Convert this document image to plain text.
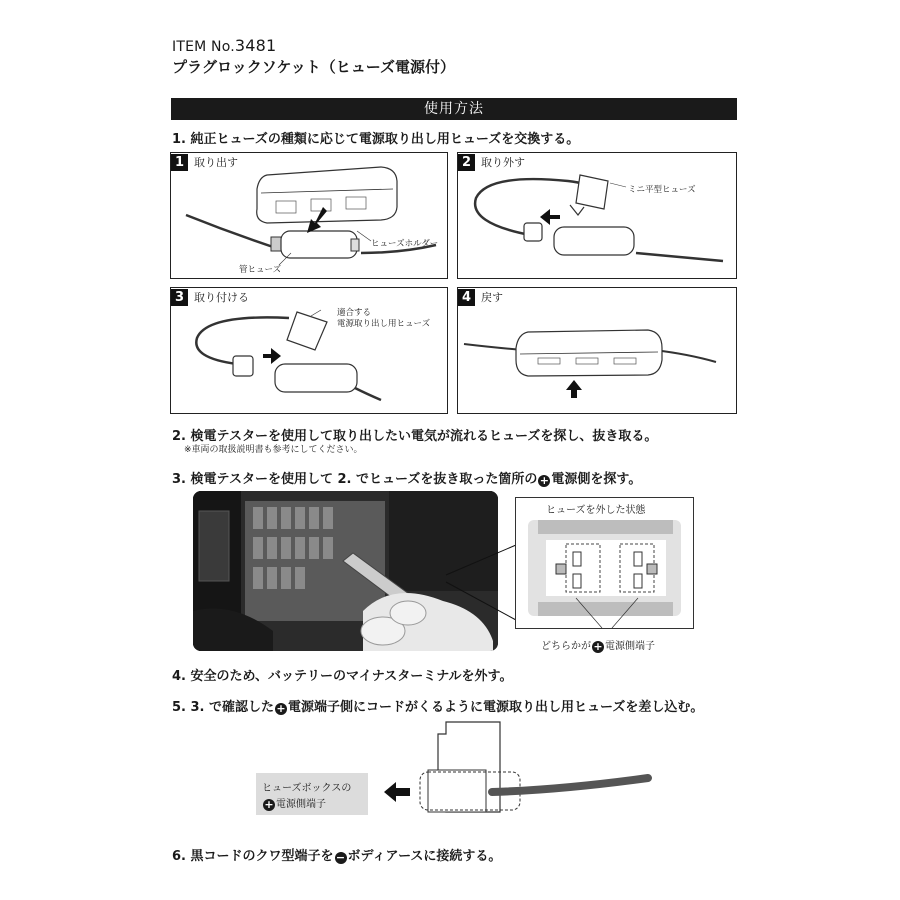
ITEM No.3481
プラグロックソケット（ヒューズ電源付）
使用方法
1. 純正ヒューズの種類に応じて電源取り出し用ヒューズを交換する。
1 取り出す
ヒューズホルダー
管ヒューズ
2 取り外す
ミニ平型ヒューズ
3 取り付ける
適合する
電源取り出し用ヒューズ
4 戻す
2. 検電テスターを使用して取り出したい電気が流れるヒューズを探し、抜き取る。
※車両の取扱説明書も参考にしてください。
3. 検電テスターを使用して 2. でヒューズを抜き取った箇所の + 電源側を探す。
ヒューズを外した状態
どちらかが + 電源側端子
4. 安全のため、バッテリーのマイナスターミナルを外す。
5. 3. で確認した + 電源端子側にコードがくるように電源取り出し用ヒューズを差し込む。
ヒューズボックスの
+ 電源側端子
6. 黒コードのクワ型端子を − ボディアースに接続する。
